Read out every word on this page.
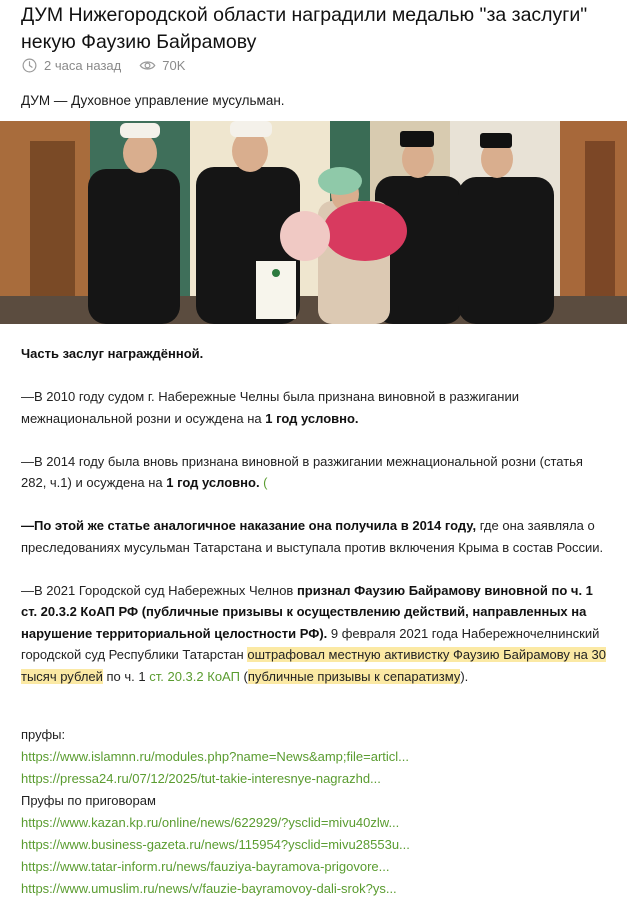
ДУМ Нижегородской области наградили медалью "за заслуги" некую Фаузию Байрамову
2 часа назад	70K
ДУМ — Духовное управление мусульман.

Часть заслуг награждённой.

—В 2010 году судом г. Набережные Челны была признана виновной в разжигании межнациональной розни и осуждена на 1 год условно.

—В 2014 году была вновь признана виновной в разжигании межнациональной розни (статья 282, ч.1) и осуждена на 1 год условно. (

—По этой же статье аналогичное наказание она получила в 2014 году, где она заявляла о преследованиях мусульман Татарстана и выступала против включения Крыма в состав России.

—В 2021 Городской суд Набережных Челнов признал Фаузию Байрамову виновной по ч. 1 ст. 20.3.2 КоАП РФ (публичные призывы к осуществлению действий, направленных на нарушение территориальной целостности РФ). 9 февраля 2021 года Набережночелнинский городской суд Республики Татарстан оштрафовал местную активистку Фаузию Байрамову на 30 тысяч рублей по ч. 1 ст. 20.3.2 КоАП (публичные призывы к сепаратизму).

пруфы:
https://www.islamnn.ru/modules.php?name=News&amp;file=articl...
https://pressa24.ru/07/12/2025/tut-takie-interesnye-nagrazhd...
Пруфы по приговорам
https://www.kazan.kp.ru/online/news/622929/?ysclid=mivu40zlw...
https://www.business-gazeta.ru/news/115954?ysclid=mivu28553u...
https://www.tatar-inform.ru/news/fauziya-bayramova-prigovore...
https://www.umuslim.ru/news/v/fauzie-bayramovoy-dali-srok?ys...
